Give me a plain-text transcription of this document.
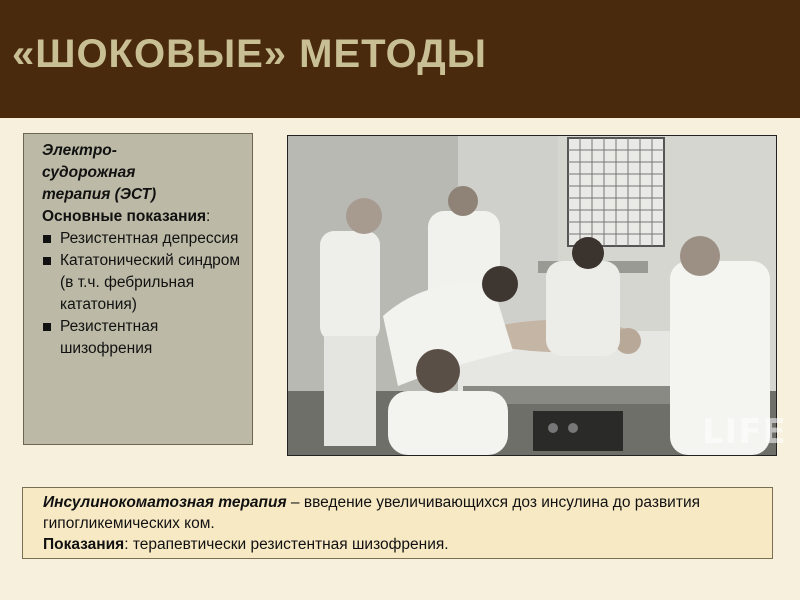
«ШОКОВЫЕ» МЕТОДЫ
Электро-
судорожная
терапия (ЭСТ)
Основные показания:
Резистентная депрессия
Кататонический синдром (в т.ч. фебрильная кататония)
Резистентная шизофрения
LIFE
Инсулинокоматозная терапия – введение увеличивающихся доз инсулина до развития гипогликемических ком.
Показания: терапевтически резистентная шизофрения.
